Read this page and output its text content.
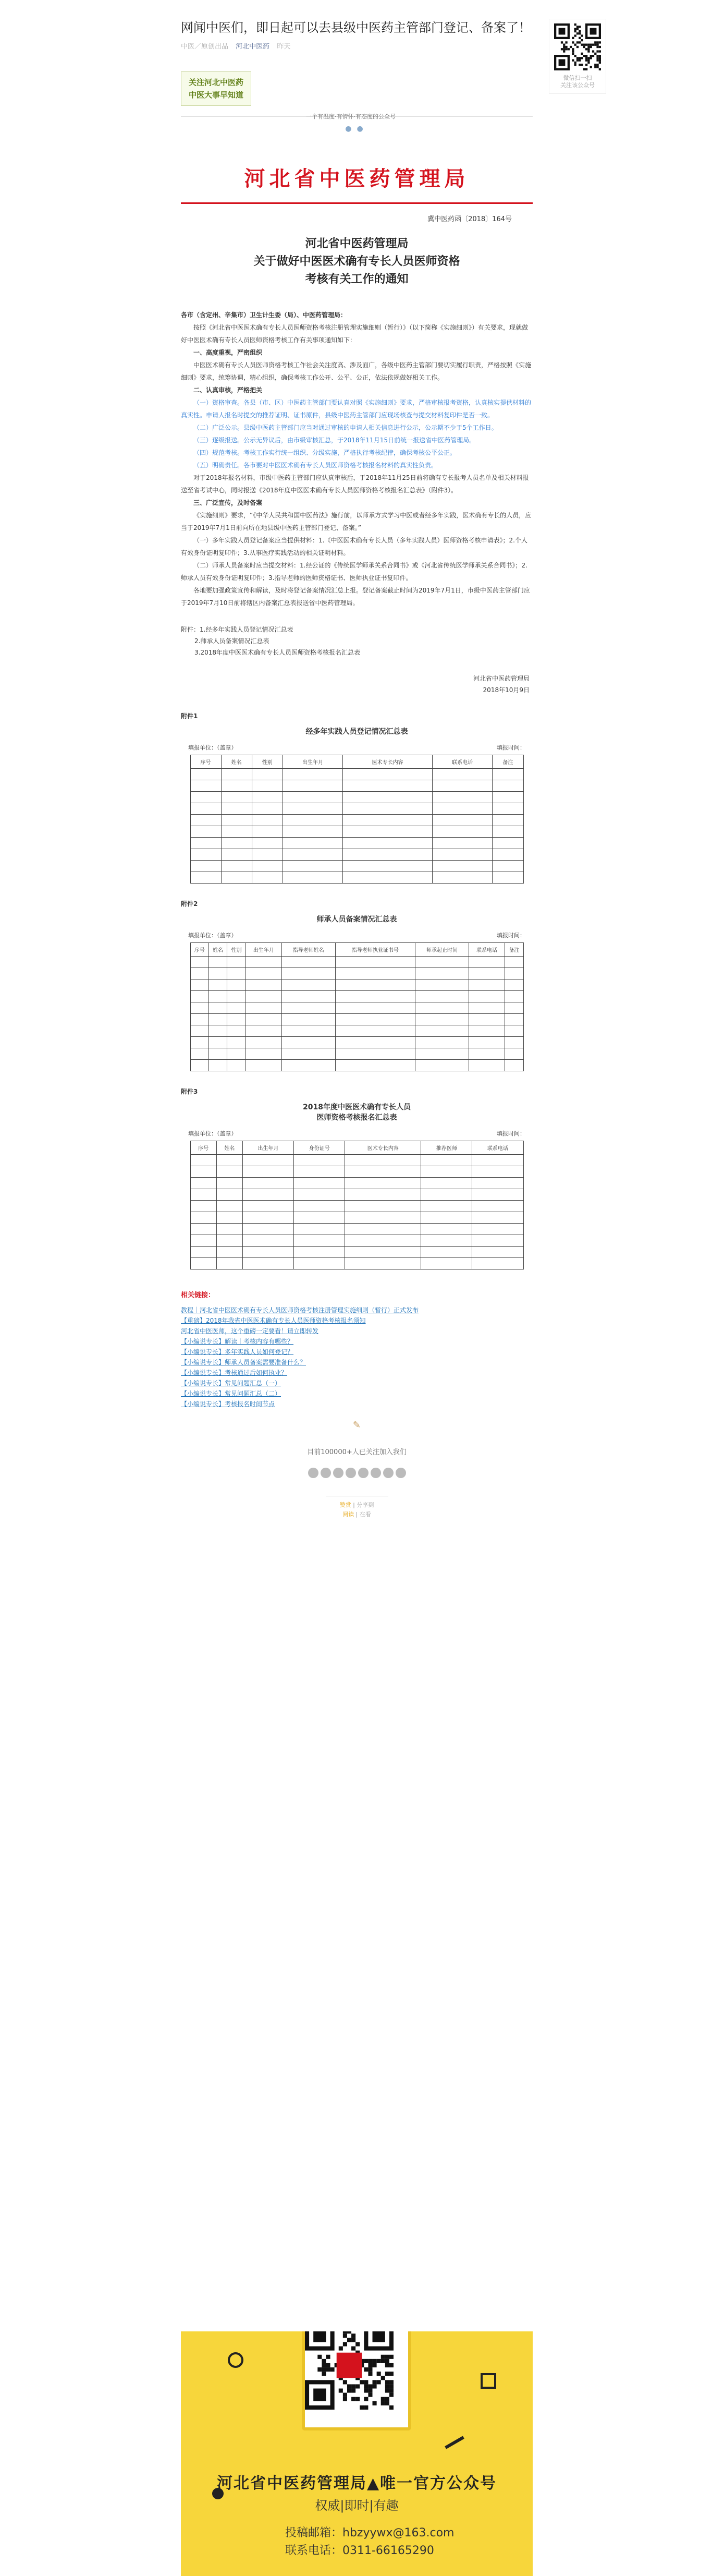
网闻中医们，即日起可以去县级中医药主管部门登记、备案了！
中医／原创出品 河北中医药 昨天
关注河北中医药
中医大事早知道
一个有温度·有情怀·有态度的公众号
●●
河北省中医药管理局
冀中医药函〔2018〕164号
河北省中医药管理局
关于做好中医医术确有专长人员医师资格
考核有关工作的通知

各市（含定州、辛集市）卫生计生委（局）、中医药管理局：

按照《河北省中医医术确有专长人员医师资格考核注册管理实施细则（暂行）》（以下简称《实施细则》）有关要求，现就做好中医医术确有专长人员医师资格考核工作有关事项通知如下：

一、高度重视，严密组织

中医医术确有专长人员医师资格考核工作社会关注度高、涉及面广，各级中医药主管部门要切实履行职责，严格按照《实施细则》要求，统筹协调，精心组织，确保考核工作公开、公平、公正，依法依规做好相关工作。

二、认真审核，严格把关

（一）资格审查。各县（市、区）中医药主管部门要认真对照《实施细则》要求，严格审核报考资格，认真核实提供材料的真实性。申请人报名时提交的推荐证明、证书原件，县级中医药主管部门应现场核查与提交材料复印件是否一致。

（二）广泛公示。县级中医药主管部门应当对通过审核的申请人相关信息进行公示，公示期不少于5个工作日。

（三）逐级报送。公示无异议后，由市级审核汇总，于2018年11月15日前统一报送省中医药管理局。

（四）规范考核。考核工作实行统一组织、分级实施，严格执行考核纪律，确保考核公平公正。

（五）明确责任。各市要对中医医术确有专长人员医师资格考核报名材料的真实性负责。

对于2018年报名材料，市级中医药主管部门应认真审核后，于2018年11月25日前将确有专长报考人员名单及相关材料报送至省考试中心，同时报送《2018年度中医医术确有专长人员医师资格考核报名汇总表》（附件3）。

三、广泛宣传，及时备案

《实施细则》要求，“《中华人民共和国中医药法》施行前，以师承方式学习中医或者经多年实践，医术确有专长的人员，应当于2019年7月1日前向所在地县级中医药主管部门登记、备案。”

（一）多年实践人员登记备案应当提供材料：1.《中医医术确有专长人员（多年实践人员）医师资格考核申请表》；2.个人有效身份证明复印件；3.从事医疗实践活动的相关证明材料。

（二）师承人员备案时应当提交材料：1.经公证的《传统医学师承关系合同书》或《河北省传统医学师承关系合同书》；2.师承人员有效身份证明复印件；3.指导老师的医师资格证书、医师执业证书复印件。

各地要加强政策宣传和解读，及时将登记备案情况汇总上报。登记备案截止时间为2019年7月1日，市级中医药主管部门应于2019年7月10日前将辖区内备案汇总表报送省中医药管理局。

附件：1.经多年实践人员登记情况汇总表
2.师承人员备案情况汇总表
3.2018年度中医医术确有专长人员医师资格考核报名汇总表
河北省中医药管理局
2018年10月9日
附件1
经多年实践人员登记情况汇总表
填报单位：（盖章）	填报时间：
序号	姓名	性别	出生年月	医术专长内容	联系电话	备注

附件2
师承人员备案情况汇总表
填报单位：（盖章）	填报时间：
序号	姓名	性别	出生年月	指导老师姓名	指导老师执业证书号	师承起止时间	联系电话	备注

附件3
2018年度中医医术确有专长人员
医师资格考核报名汇总表
填报单位：（盖章）	填报时间：
序号	姓名	出生年月	身份证号	医术专长内容	推荐医师	联系电话

相关链接：
教程｜河北省中医医术确有专长人员医师资格考核注册管理实施细则（暂行）正式发布
【重磅】2018年我省中医医术确有专长人员医师资格考核报名须知
河北省中医医师，这个重磅一定要看！请立即转发
【小编说专长】解读｜考核内容有哪些？
【小编说专长】多年实践人员如何登记？
【小编说专长】师承人员备案需要准备什么？
【小编说专长】考核通过后如何执业？
【小编说专长】常见问题汇总（一）
【小编说专长】常见问题汇总（二）
【小编说专长】考核报名时间节点
✎
目前100000+人已关注加入我们
赞赏 | 分享到
阅读 | 在看
微信扫一扫
关注该公众号
河北省中医药管理局▲唯一官方公众号
权威|即时|有趣
投稿邮箱：hbzyywx@163.com
联系电话：0311-66165290
